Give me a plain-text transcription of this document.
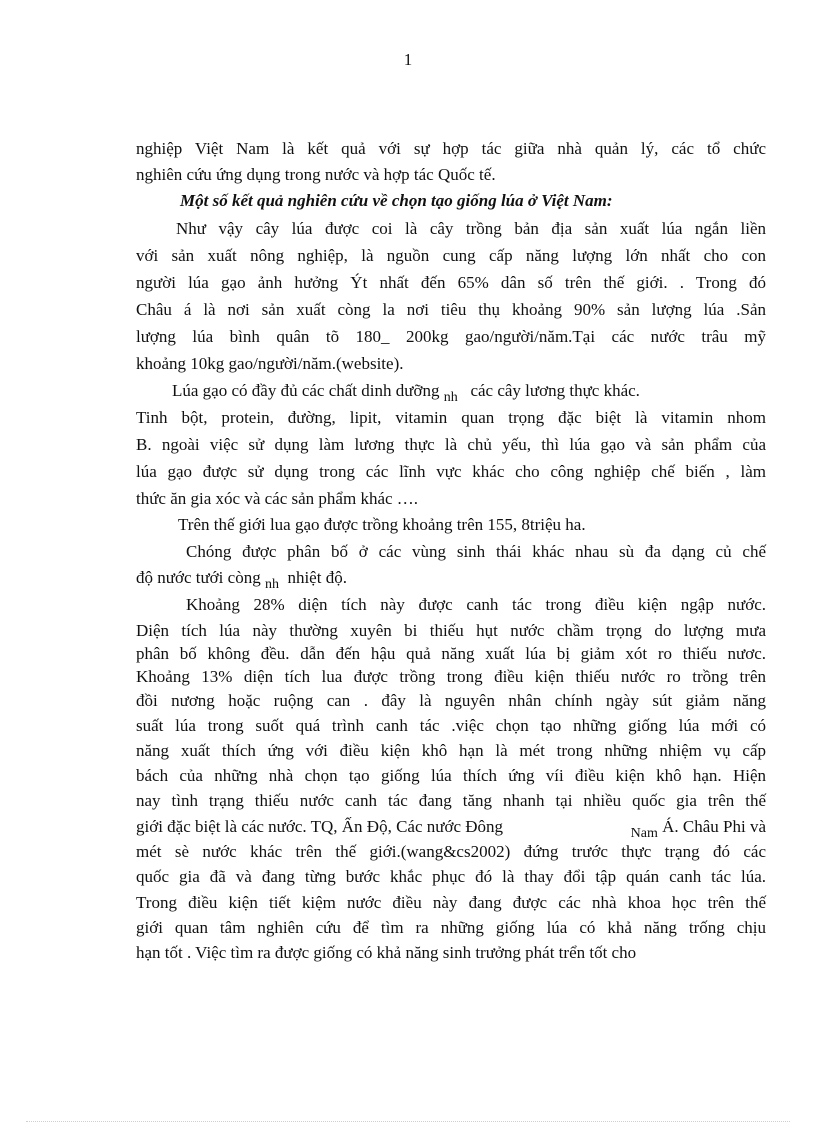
1
nghiệp Việt Nam là kết quả với sự hợp tác giữa nhà quản lý, các tổ chức
nghiên cứu ứng dụng trong nước và hợp tác Quốc tế.
Một số kết quả nghiên cứu về chọn tạo giống lúa ở Việt Nam:
Như vậy cây lúa được coi là cây trồng bản địa sản xuất lúa ngắn liền
với sản xuất nông nghiệp, là nguồn cung cấp năng lượng lớn nhất cho con
người lúa gạo ảnh hưởng Ýt nhất đến 65% dân số trên thế giới. . Trong đó
Châu á là nơi sản xuất còng la nơi tiêu thụ khoảng 90% sản lượng lúa .Sản
lượng lúa bình quân tõ 180_ 200kg gao/người/năm.Tại các nước trâu mỹ
khoảng 10kg gao/người/năm.(website).
Lúa gạo có đầy đủ các chất dinh dưỡng $_{nh}$ các cây lương thực khác.
Tinh bột, protein, đường, lipit, vitamin quan trọng đặc biệt là vitamin nhom
B. ngoài việc sử dụng làm lương thực là chủ yếu, thì lúa gạo và sản phẩm của
lúa gạo được sử dụng trong các lĩnh vực khác cho công nghiệp chế biến , làm
thức ăn gia xóc và các sản phẩm khác ….
Trên thế giới lua gạo được trồng khoảng trên 155, 8triệu ha.
Chóng được phân bố ở các vùng sinh thái khác nhau sù đa dạng củ chế
độ nước tưới còng $_{nh}$ nhiệt độ.
Khoảng 28% diện tích này được canh tác trong điều kiện ngập nước.
Diện tích lúa này thường xuyên bi thiếu hụt nước chầm trọng do lượng mưa
phân bố không đều. dẫn đến hậu quả năng xuất lúa bị giảm xót ro thiếu nươc.
Khoảng 13% diện tích lua được trồng trong điều kiện thiếu nước ro trồng trên
đồi nương hoặc ruộng can . đây là nguyên nhân chính ngày sút giảm năng
suất lúa trong suốt quá trình canh tác .việc chọn tạo những giống lúa mới có
năng xuất thích ứng với điều kiện khô hạn là mét trong những nhiệm vụ cấp
bách của những nhà chọn tạo giống lúa thích ứng víi điều kiện khô hạn. Hiện
nay tình trạng thiếu nước canh tác đang tăng nhanh tại nhiều quốc gia trên thế
giới đặc biệt là các nước. TQ, Ấn Độ, Các nước Đông	$_{Nam}$ Á. Châu Phi và
mét sè nước khác trên thế giới.(wang&cs2002) đứng trước thực trạng đó các
quốc gia đã và đang từng bước khắc phục đó là thay đổi tập quán canh tác lúa.
Trong điều kiện tiết kiệm nước điều này đang được các nhà khoa học trên thế
giới quan tâm nghiên cứu để tìm ra những giống lúa có khả năng trống chịu
hạn tốt . Việc tìm ra được giống có khả năng sinh trưởng phát trển tốt cho
